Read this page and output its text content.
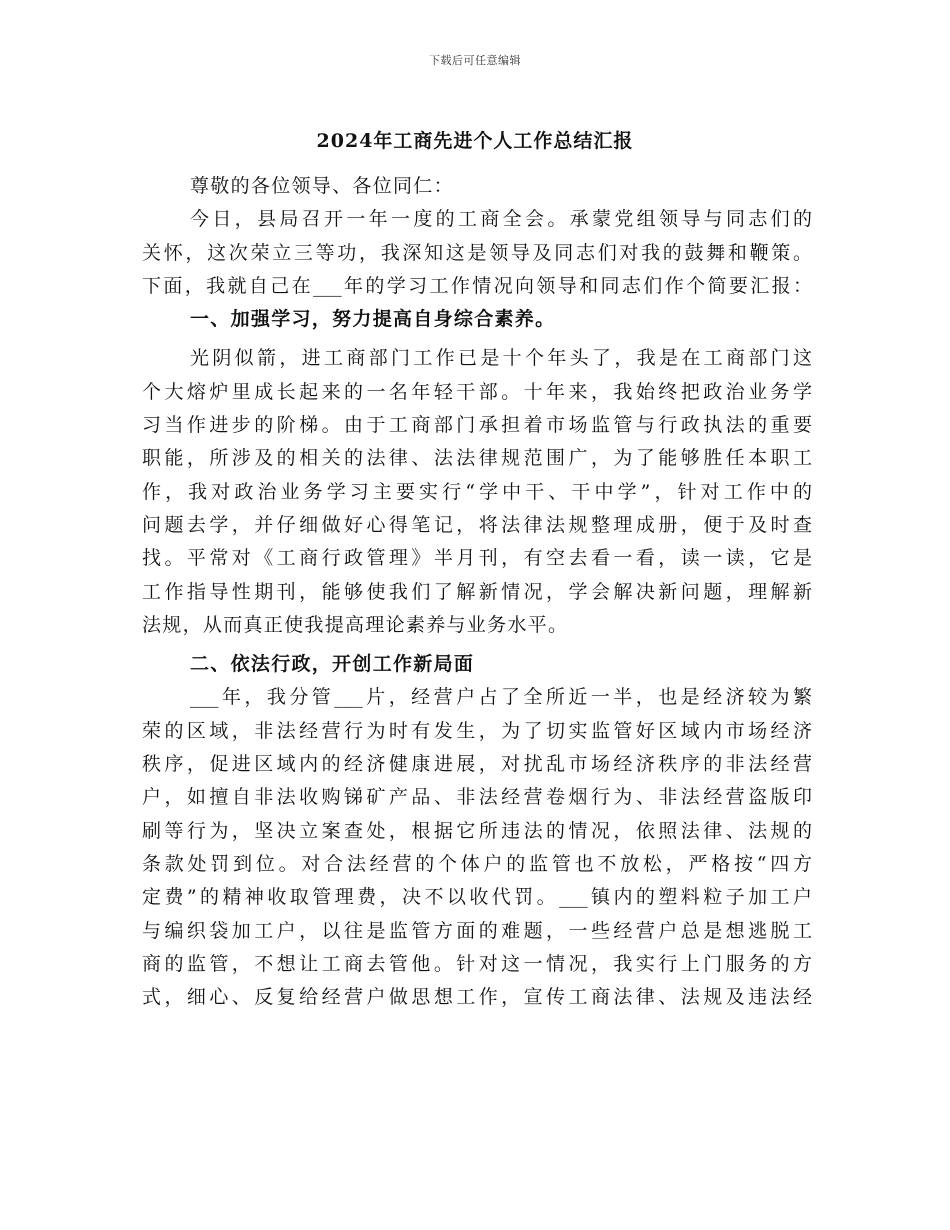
下载后可任意编辑
2024年工商先进个人工作总结汇报
尊敬的各位领导、各位同仁：
今日，县局召开一年一度的工商全会。承蒙党组领导与同志们的
关怀，这次荣立三等功，我深知这是领导及同志们对我的鼓舞和鞭策。
下面，我就自己在___年的学习工作情况向领导和同志们作个简要汇报：
一、加强学习，努力提高自身综合素养。
光阴似箭，进工商部门工作已是十个年头了，我是在工商部门这
个大熔炉里成长起来的一名年轻干部。十年来，我始终把政治业务学
习当作进步的阶梯。由于工商部门承担着市场监管与行政执法的重要
职能，所涉及的相关的法律、法法律规范围广，为了能够胜任本职工
作，我对政治业务学习主要实行“学中干、干中学”，针对工作中的
问题去学，并仔细做好心得笔记，将法律法规整理成册，便于及时查
找。平常对《工商行政管理》半月刊，有空去看一看，读一读，它是
工作指导性期刊，能够使我们了解新情况，学会解决新问题，理解新
法规，从而真正使我提高理论素养与业务水平。
二、依法行政，开创工作新局面
___年，我分管___片，经营户占了全所近一半，也是经济较为繁
荣的区域，非法经营行为时有发生，为了切实监管好区域内市场经济
秩序，促进区域内的经济健康进展，对扰乱市场经济秩序的非法经营
户，如擅自非法收购锑矿产品、非法经营卷烟行为、非法经营盗版印
刷等行为，坚决立案查处，根据它所违法的情况，依照法律、法规的
条款处罚到位。对合法经营的个体户的监管也不放松，严格按“四方
定费”的精神收取管理费，决不以收代罚。___镇内的塑料粒子加工户
与编织袋加工户，以往是监管方面的难题，一些经营户总是想逃脱工
商的监管，不想让工商去管他。针对这一情况，我实行上门服务的方
式，细心、反复给经营户做思想工作，宣传工商法律、法规及违法经
